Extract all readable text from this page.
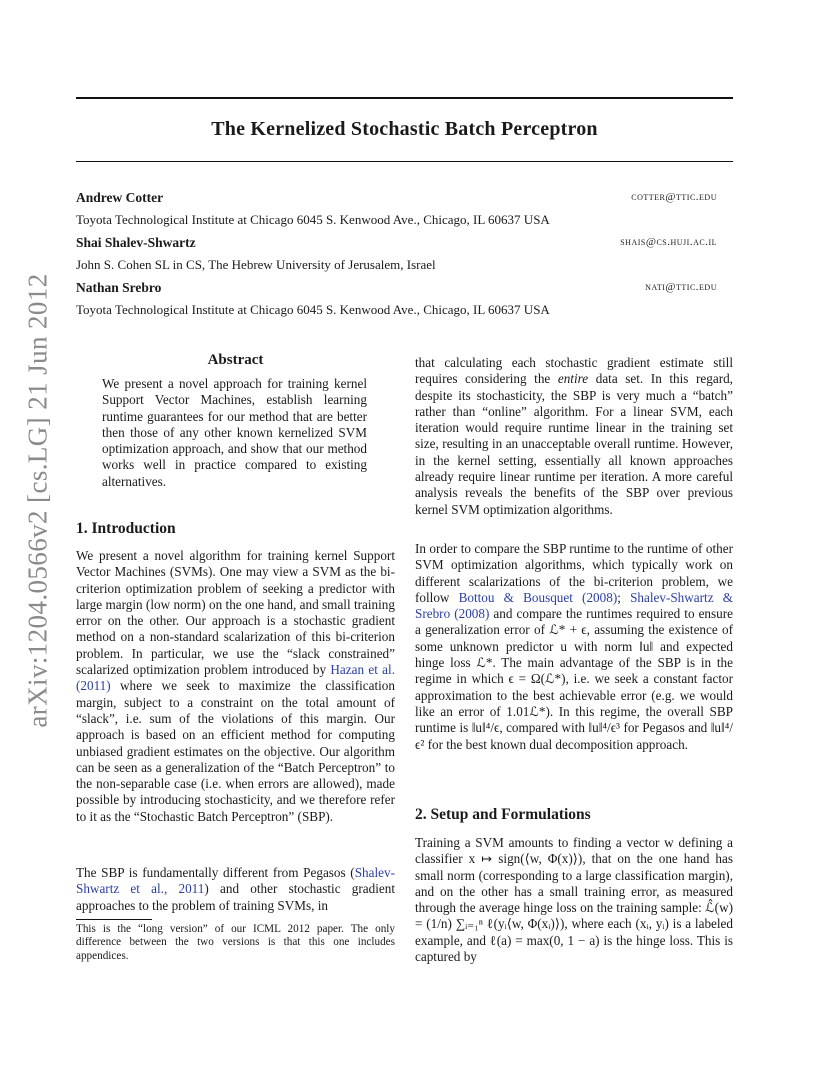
arXiv:1204.0566v2 [cs.LG] 21 Jun 2012
The Kernelized Stochastic Batch Perceptron
Andrew Cotter	cotter@ttic.edu
Toyota Technological Institute at Chicago 6045 S. Kenwood Ave., Chicago, IL 60637 USA
Shai Shalev-Shwartz	shais@cs.huji.ac.il
John S. Cohen SL in CS, The Hebrew University of Jerusalem, Israel
Nathan Srebro	nati@ttic.edu
Toyota Technological Institute at Chicago 6045 S. Kenwood Ave., Chicago, IL 60637 USA
Abstract
We present a novel approach for training kernel Support Vector Machines, establish learning runtime guarantees for our method that are better then those of any other known kernelized SVM optimization approach, and show that our method works well in practice compared to existing alternatives.
1. Introduction

We present a novel algorithm for training kernel Support Vector Machines (SVMs). One may view a SVM as the bi-criterion optimization problem of seeking a predictor with large margin (low norm) on the one hand, and small training error on the other. Our approach is a stochastic gradient method on a non-standard scalarization of this bi-criterion problem. In particular, we use the “slack constrained” scalarized optimization problem introduced by Hazan et al. (2011) where we seek to maximize the classification margin, subject to a constraint on the total amount of “slack”, i.e. sum of the violations of this margin. Our approach is based on an efficient method for computing unbiased gradient estimates on the objective. Our algorithm can be seen as a generalization of the “Batch Perceptron” to the non-separable case (i.e. when errors are allowed), made possible by introducing stochasticity, and we therefore refer to it as the “Stochastic Batch Perceptron” (SBP).

The SBP is fundamentally different from Pegasos (Shalev-Shwartz et al., 2011) and other stochastic gradient approaches to the problem of training SVMs, in

This is the “long version” of our ICML 2012 paper. The only difference between the two versions is that this one includes appendices.

that calculating each stochastic gradient estimate still requires considering the entire data set. In this regard, despite its stochasticity, the SBP is very much a “batch” rather than “online” algorithm. For a linear SVM, each iteration would require runtime linear in the training set size, resulting in an unacceptable overall runtime. However, in the kernel setting, essentially all known approaches already require linear runtime per iteration. A more careful analysis reveals the benefits of the SBP over previous kernel SVM optimization algorithms.

In order to compare the SBP runtime to the runtime of other SVM optimization algorithms, which typically work on different scalarizations of the bi-criterion problem, we follow Bottou & Bousquet (2008); Shalev-Shwartz & Srebro (2008) and compare the runtimes required to ensure a generalization error of ℒ* + ϵ, assuming the existence of some unknown predictor u with norm ‖u‖ and expected hinge loss ℒ*. The main advantage of the SBP is in the regime in which ϵ = Ω(ℒ*), i.e. we seek a constant factor approximation to the best achievable error (e.g. we would like an error of 1.01ℒ*). In this regime, the overall SBP runtime is ‖u‖⁴/ϵ, compared with ‖u‖⁴/ϵ³ for Pegasos and ‖u‖⁴/ϵ² for the best known dual decomposition approach.

2. Setup and Formulations

Training a SVM amounts to finding a vector w defining a classifier x ↦ sign(⟨w, Φ(x)⟩), that on the one hand has small norm (corresponding to a large classification margin), and on the other has a small training error, as measured through the average hinge loss on the training sample: ℒ̂(w) = (1/n) ∑ᵢ₌₁ⁿ ℓ(yᵢ⟨w, Φ(xᵢ)⟩), where each (xᵢ, yᵢ) is a labeled example, and ℓ(a) = max(0, 1 − a) is the hinge loss. This is captured by
